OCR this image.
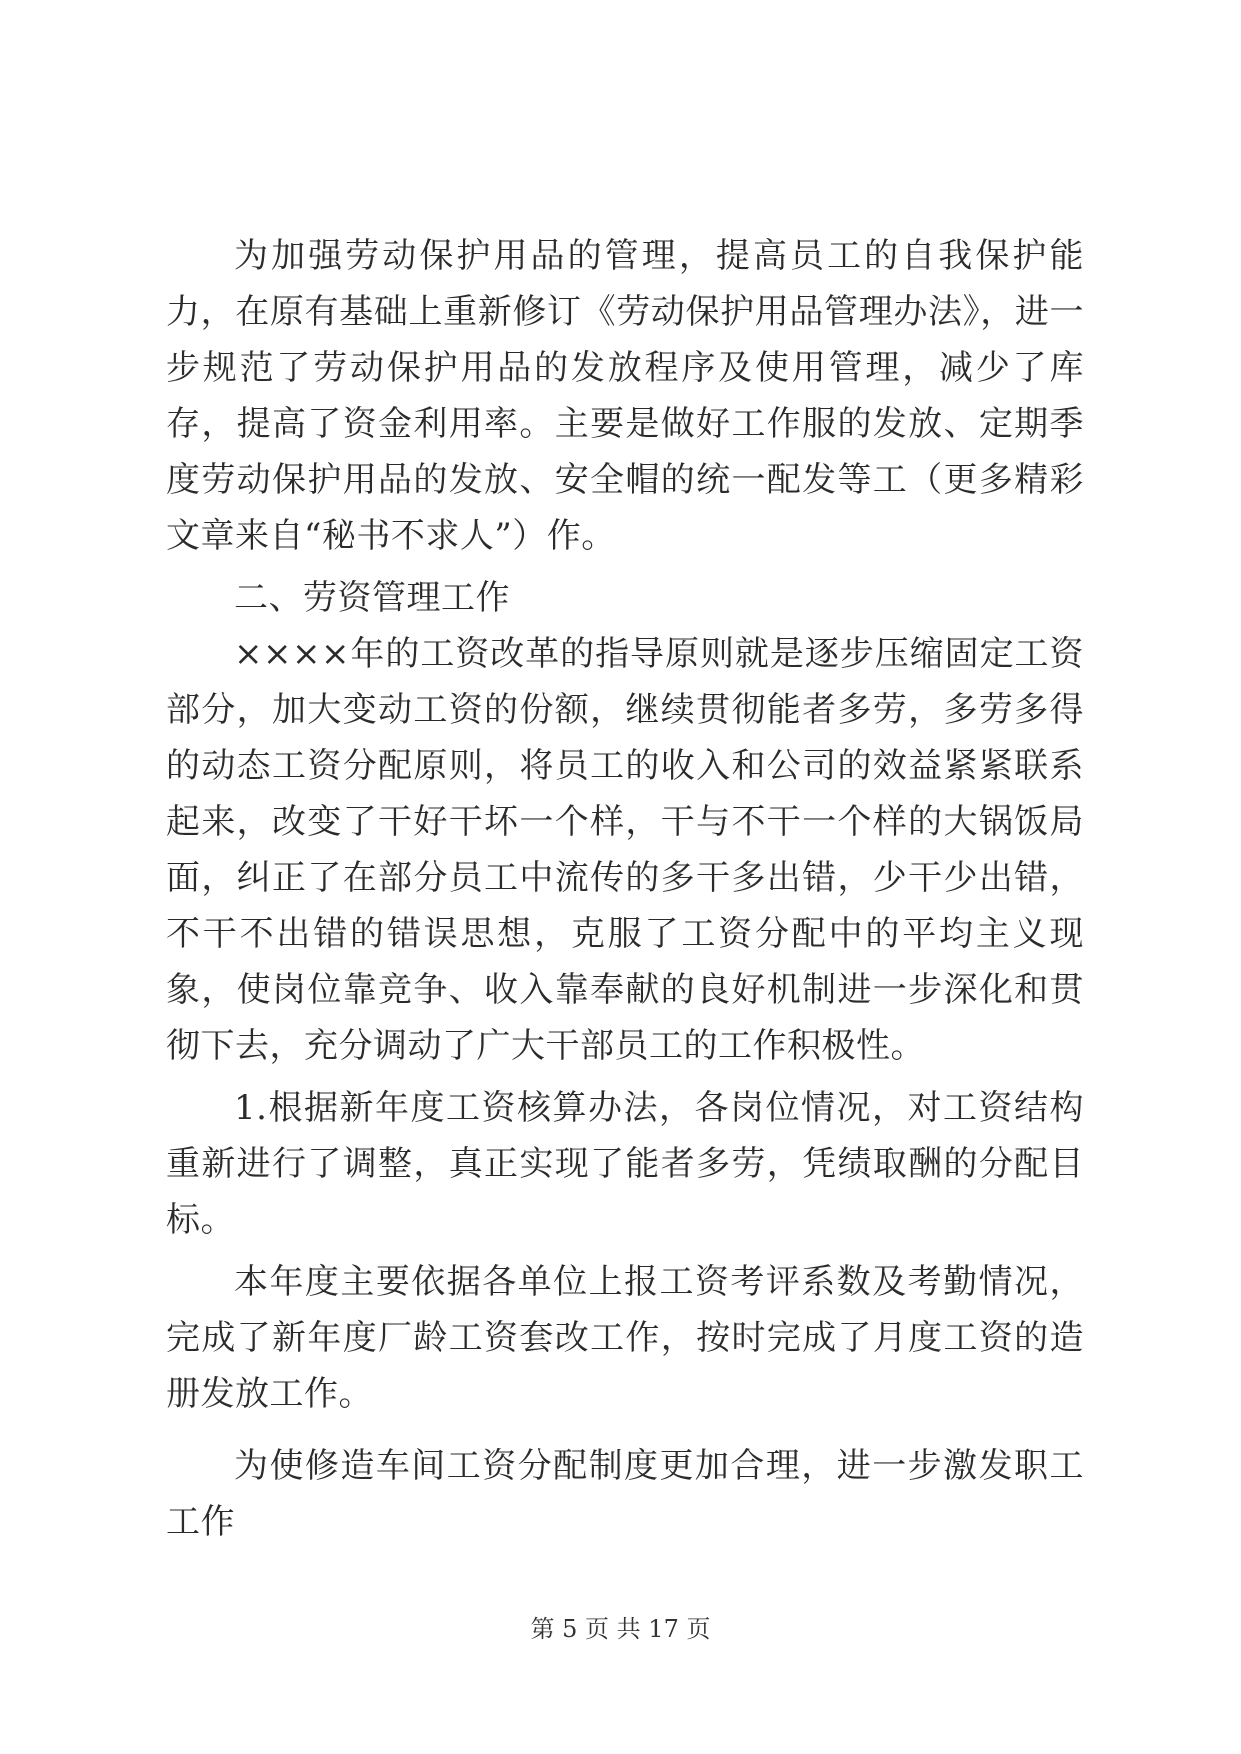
为加强劳动保护用品的管理，提高员工的自我保护能力，在原有基础上重新修订《劳动保护用品管理办法》，进一步规范了劳动保护用品的发放程序及使用管理，减少了库存，提高了资金利用率。主要是做好工作服的发放、定期季度劳动保护用品的发放、安全帽的统一配发等工（更多精彩文章来自“秘书不求人”）作。

二、劳资管理工作

××××年的工资改革的指导原则就是逐步压缩固定工资部分，加大变动工资的份额，继续贯彻能者多劳，多劳多得的动态工资分配原则，将员工的收入和公司的效益紧紧联系起来，改变了干好干坏一个样，干与不干一个样的大锅饭局面，纠正了在部分员工中流传的多干多出错，少干少出错，不干不出错的错误思想，克服了工资分配中的平均主义现象，使岗位靠竞争、收入靠奉献的良好机制进一步深化和贯彻下去，充分调动了广大干部员工的工作积极性。

1.根据新年度工资核算办法，各岗位情况，对工资结构重新进行了调整，真正实现了能者多劳，凭绩取酬的分配目标。

本年度主要依据各单位上报工资考评系数及考勤情况，完成了新年度厂龄工资套改工作，按时完成了月度工资的造册发放工作。

为使修造车间工资分配制度更加合理，进一步激发职工工作

第 5 页 共 17 页
